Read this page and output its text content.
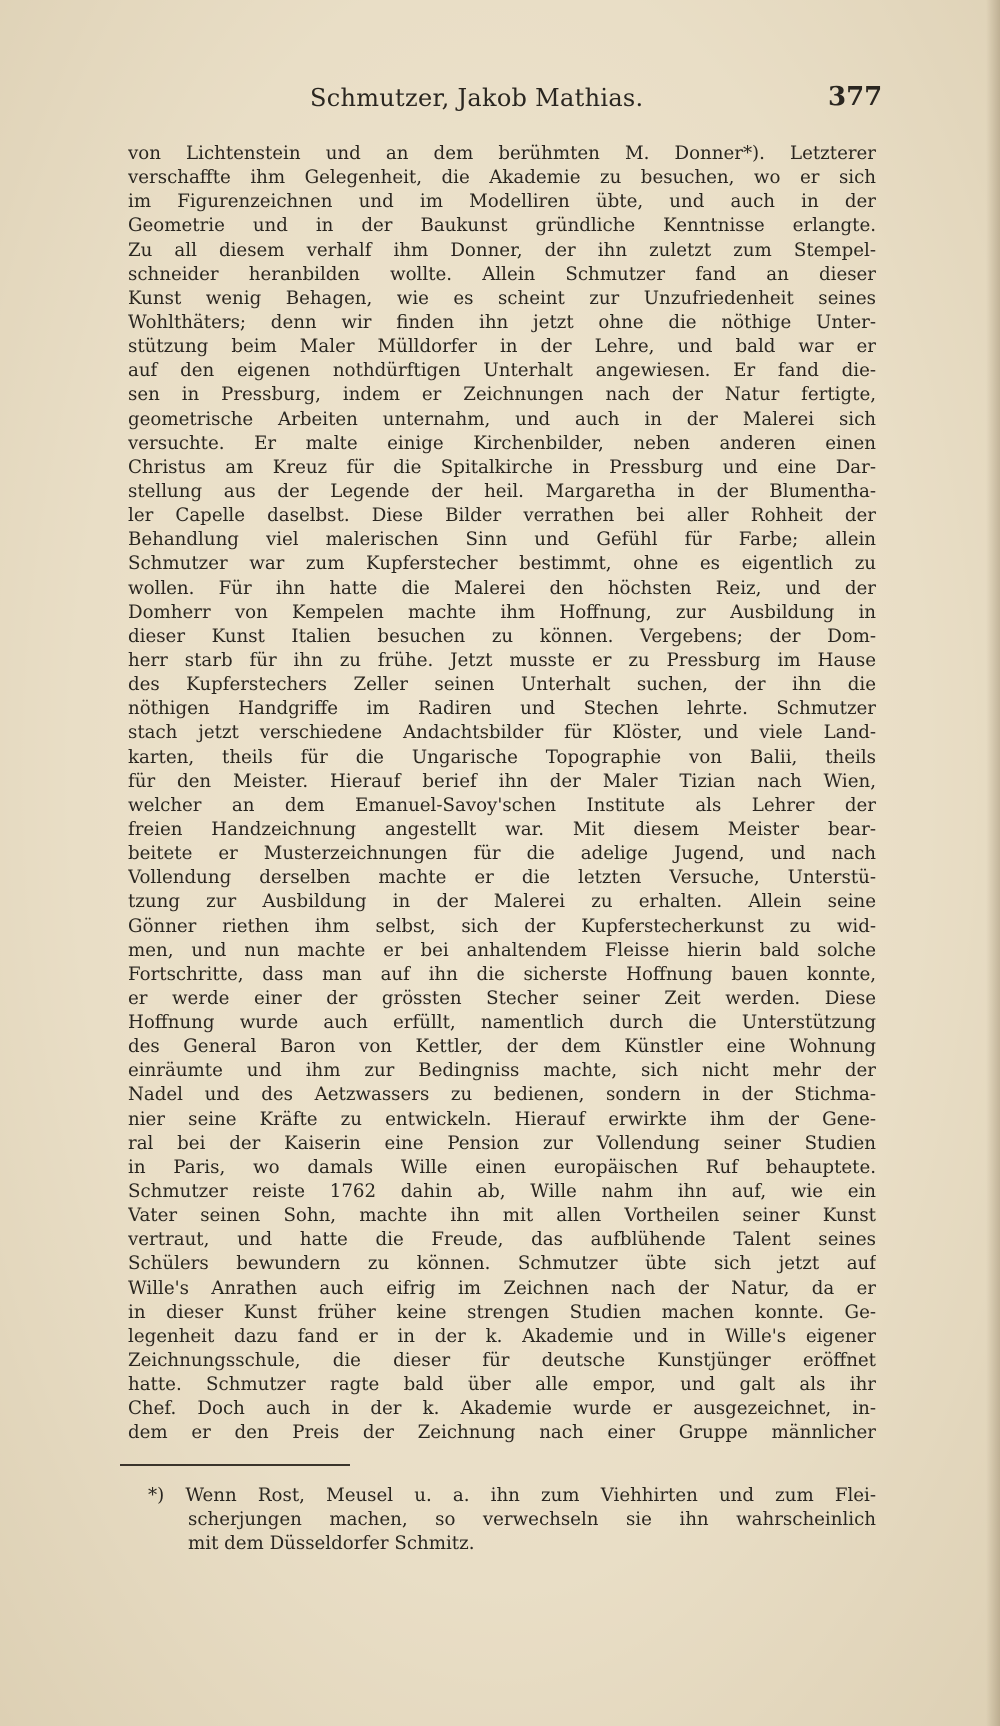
Schmutzer, Jakob Mathias.	377
von Lichtenstein und an dem berühmten M. Donner*). Letzterer
verschaffte ihm Gelegenheit, die Akademie zu besuchen, wo er sich
im Figurenzeichnen und im Modelliren übte, und auch in der
Geometrie und in der Baukunst gründliche Kenntnisse erlangte.
Zu all diesem verhalf ihm Donner, der ihn zuletzt zum Stempel-
schneider heranbilden wollte. Allein Schmutzer fand an dieser
Kunst wenig Behagen, wie es scheint zur Unzufriedenheit seines
Wohlthäters; denn wir finden ihn jetzt ohne die nöthige Unter-
stützung beim Maler Mülldorfer in der Lehre, und bald war er
auf den eigenen nothdürftigen Unterhalt angewiesen. Er fand die-
sen in Pressburg, indem er Zeichnungen nach der Natur fertigte,
geometrische Arbeiten unternahm, und auch in der Malerei sich
versuchte. Er malte einige Kirchenbilder, neben anderen einen
Christus am Kreuz für die Spitalkirche in Pressburg und eine Dar-
stellung aus der Legende der heil. Margaretha in der Blumentha-
ler Capelle daselbst. Diese Bilder verrathen bei aller Rohheit der
Behandlung viel malerischen Sinn und Gefühl für Farbe; allein
Schmutzer war zum Kupferstecher bestimmt, ohne es eigentlich zu
wollen. Für ihn hatte die Malerei den höchsten Reiz, und der
Domherr von Kempelen machte ihm Hoffnung, zur Ausbildung in
dieser Kunst Italien besuchen zu können. Vergebens; der Dom-
herr starb für ihn zu frühe. Jetzt musste er zu Pressburg im Hause
des Kupferstechers Zeller seinen Unterhalt suchen, der ihn die
nöthigen Handgriffe im Radiren und Stechen lehrte. Schmutzer
stach jetzt verschiedene Andachtsbilder für Klöster, und viele Land-
karten, theils für die Ungarische Topographie von Balii, theils
für den Meister. Hierauf berief ihn der Maler Tizian nach Wien,
welcher an dem Emanuel-Savoy'schen Institute als Lehrer der
freien Handzeichnung angestellt war. Mit diesem Meister bear-
beitete er Musterzeichnungen für die adelige Jugend, und nach
Vollendung derselben machte er die letzten Versuche, Unterstü-
tzung zur Ausbildung in der Malerei zu erhalten. Allein seine
Gönner riethen ihm selbst, sich der Kupferstecherkunst zu wid-
men, und nun machte er bei anhaltendem Fleisse hierin bald solche
Fortschritte, dass man auf ihn die sicherste Hoffnung bauen konnte,
er werde einer der grössten Stecher seiner Zeit werden. Diese
Hoffnung wurde auch erfüllt, namentlich durch die Unterstützung
des General Baron von Kettler, der dem Künstler eine Wohnung
einräumte und ihm zur Bedingniss machte, sich nicht mehr der
Nadel und des Aetzwassers zu bedienen, sondern in der Stichma-
nier seine Kräfte zu entwickeln. Hierauf erwirkte ihm der Gene-
ral bei der Kaiserin eine Pension zur Vollendung seiner Studien
in Paris, wo damals Wille einen europäischen Ruf behauptete.
Schmutzer reiste 1762 dahin ab, Wille nahm ihn auf, wie ein
Vater seinen Sohn, machte ihn mit allen Vortheilen seiner Kunst
vertraut, und hatte die Freude, das aufblühende Talent seines
Schülers bewundern zu können. Schmutzer übte sich jetzt auf
Wille's Anrathen auch eifrig im Zeichnen nach der Natur, da er
in dieser Kunst früher keine strengen Studien machen konnte. Ge-
legenheit dazu fand er in der k. Akademie und in Wille's eigener
Zeichnungsschule, die dieser für deutsche Kunstjünger eröffnet
hatte. Schmutzer ragte bald über alle empor, und galt als ihr
Chef. Doch auch in der k. Akademie wurde er ausgezeichnet, in-
dem er den Preis der Zeichnung nach einer Gruppe männlicher
*) Wenn Rost, Meusel u. a. ihn zum Viehhirten und zum Flei-
scherjungen machen, so verwechseln sie ihn wahrscheinlich
mit dem Düsseldorfer Schmitz.
